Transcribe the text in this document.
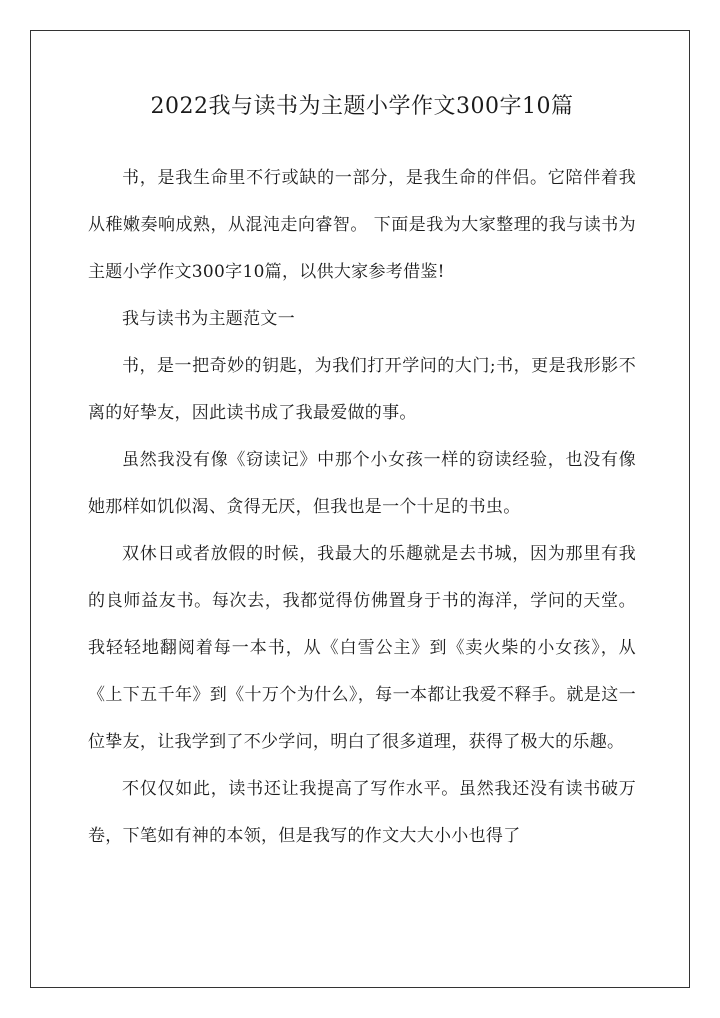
2022我与读书为主题小学作文300字10篇

书，是我生命里不行或缺的一部分，是我生命的伴侣。它陪伴着我从稚嫩奏响成熟，从混沌走向睿智。 下面是我为大家整理的我与读书为主题小学作文300字10篇，以供大家参考借鉴!

我与读书为主题范文一

书，是一把奇妙的钥匙，为我们打开学问的大门;书，更是我形影不离的好挚友，因此读书成了我最爱做的事。

虽然我没有像《窃读记》中那个小女孩一样的窃读经验，也没有像她那样如饥似渴、贪得无厌，但我也是一个十足的书虫。

双休日或者放假的时候，我最大的乐趣就是去书城，因为那里有我的良师益友书。每次去，我都觉得仿佛置身于书的海洋，学问的天堂。我轻轻地翻阅着每一本书，从《白雪公主》到《卖火柴的小女孩》，从《上下五千年》到《十万个为什么》，每一本都让我爱不释手。就是这一位挚友，让我学到了不少学问，明白了很多道理，获得了极大的乐趣。

不仅仅如此，读书还让我提高了写作水平。虽然我还没有读书破万卷，下笔如有神的本领，但是我写的作文大大小小也得了
